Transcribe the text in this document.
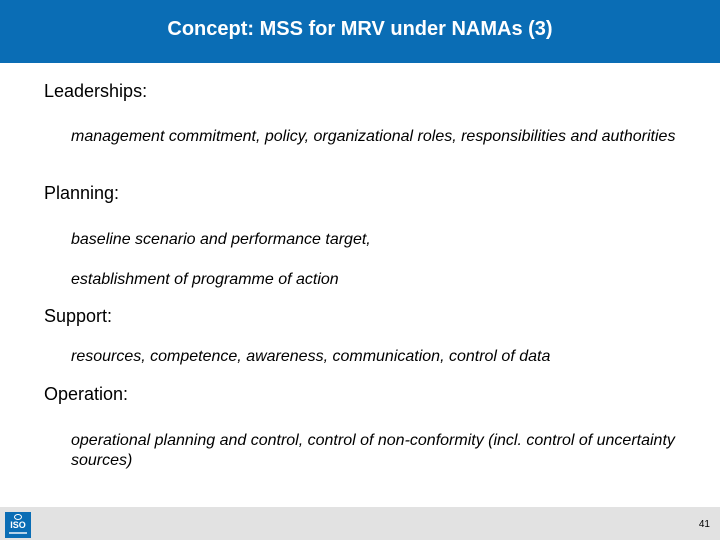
Concept: MSS for MRV under NAMAs (3)
Leaderships:
management commitment, policy, organizational roles, responsibilities and authorities
Planning:
baseline scenario and performance target,
establishment of programme of action
Support:
resources, competence, awareness, communication, control of data
Operation:
operational planning and control, control of non-conformity (incl. control of uncertainty sources)
ISO	41
